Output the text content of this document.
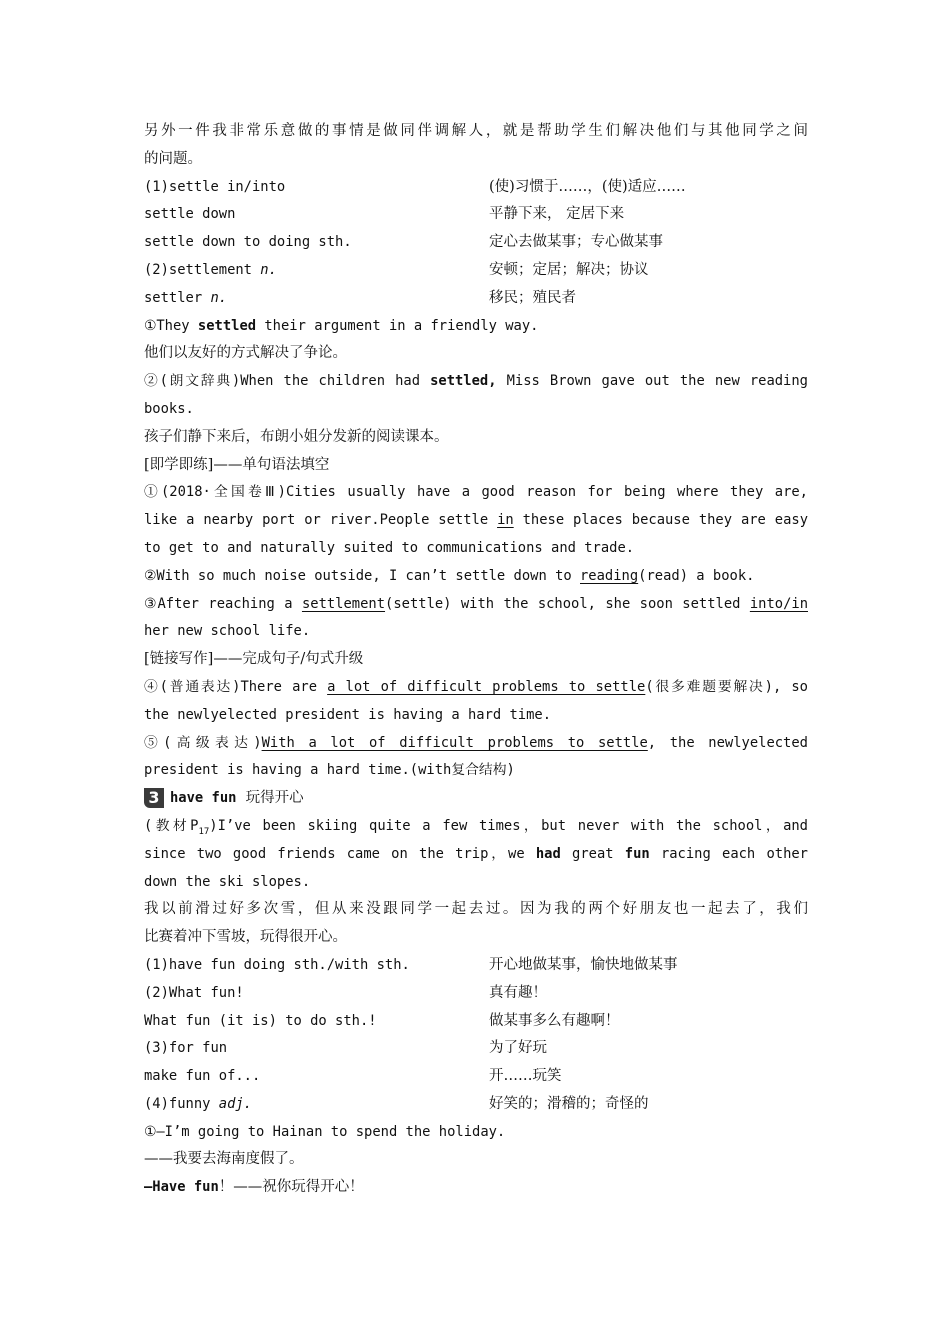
另外一件我非常乐意做的事情是做同伴调解人，就是帮助学生们解决他们与其他同学之间
的问题。
(1)settle in/into	(使)习惯于……，(使)适应……
settle down	平静下来， 定居下来
settle down to doing sth.	定心去做某事；专心做某事
(2)settlement n.	安顿；定居；解决；协议
settler n.	移民；殖民者
①They settled their argument in a friendly way.
他们以友好的方式解决了争论。
②(朗文辞典)When the children had settled, Miss Brown gave out the new reading
books.
孩子们静下来后，布朗小姐分发新的阅读课本。
[即学即练]——单句语法填空
①(2018·全国卷Ⅲ)Cities usually have a good reason for being where they are,
like a nearby port or river.People settle in these places because they are easy
to get to and naturally suited to communications and trade.
②With so much noise outside, I can’t settle down to reading(read) a book.
③After reaching a settlement(settle) with the school, she soon settled into/in
her new school life.
[链接写作]——完成句子/句式升级
④(普通表达)There are a lot of difficult problems to settle(很多难题要解决), so
the newlyelected president is having a hard time.
⑤(高级表达)With a lot of difficult problems to settle, the newlyelected
president is having a hard time.(with复合结构)
3 have fun 玩得开心
(教材$P_{17})I’ve$ been skiing quite a few times，but never with the school，and
since two good friends came on the trip，we had great fun racing each other
down the ski slopes.
我以前滑过好多次雪，但从来没跟同学一起去过。因为我的两个好朋友也一起去了，我们
比赛着冲下雪坡，玩得很开心。
(1)have fun doing sth./with sth.	开心地做某事，愉快地做某事
(2)What fun!	真有趣！
What fun (it is) to do sth.!	做某事多么有趣啊！
(3)for fun	为了好玩
make fun of...	开……玩笑
(4)funny adj.	好笑的；滑稽的；奇怪的
①—I’m going to Hainan to spend the holiday.
——我要去海南度假了。
—Have fun！——祝你玩得开心！
